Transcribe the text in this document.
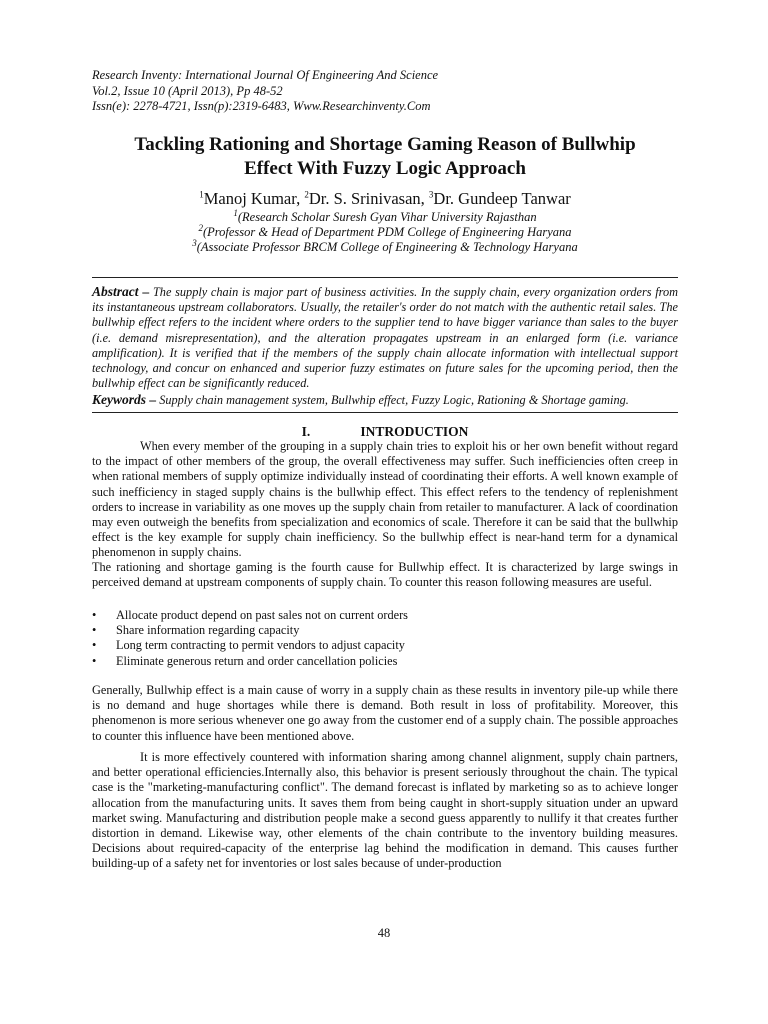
Research Inventy: International Journal Of Engineering And Science
Vol.2, Issue 10 (April 2013), Pp 48-52
Issn(e): 2278-4721, Issn(p):2319-6483, Www.Researchinventy.Com
Tackling Rationing and Shortage Gaming Reason of Bullwhip
Effect With Fuzzy Logic Approach
$^1$Manoj Kumar, $^2$Dr. S. Srinivasan, $^3$Dr. Gundeep Tanwar
$^1$(Research Scholar Suresh Gyan Vihar University Rajasthan
$^2$(Professor & Head of Department PDM College of Engineering Haryana
$^3$(Associate Professor BRCM College of Engineering & Technology Haryana
Abstract – The supply chain is major part of business activities. In the supply chain, every organization orders from its instantaneous upstream collaborators. Usually, the retailer's order do not match with the authentic retail sales. The bullwhip effect refers to the incident where orders to the supplier tend to have bigger variance than sales to the buyer (i.e. demand misrepresentation), and the alteration propagates upstream in an enlarged form (i.e. variance amplification). It is verified that if the members of the supply chain allocate information with intellectual support technology, and concur on enhanced and superior fuzzy estimates on future sales for the upcoming period, then the bullwhip effect can be significantly reduced.
Keywords – Supply chain management system, Bullwhip effect, Fuzzy Logic, Rationing & Shortage gaming.
I.	INTRODUCTION

When every member of the grouping in a supply chain tries to exploit his or her own benefit without regard to the impact of other members of the group, the overall effectiveness may suffer. Such inefficiencies often creep in when rational members of supply optimize individually instead of coordinating their efforts. A well known example of such inefficiency in staged supply chains is the bullwhip effect. This effect refers to the tendency of replenishment orders to increase in variability as one moves up the supply chain from retailer to manufacturer. A lack of coordination may even outweigh the benefits from specialization and economics of scale. Therefore it can be said that the bullwhip effect is the key example for supply chain inefficiency. So the bullwhip effect is near-hand term for a dynamical phenomenon in supply chains.

The rationing and shortage gaming is the fourth cause for Bullwhip effect. It is characterized by large swings in perceived demand at upstream components of supply chain. To counter this reason following measures are useful.

• Allocate product depend on past sales not on current orders
• Share information regarding capacity
• Long term contracting to permit vendors to adjust capacity
• Eliminate generous return and order cancellation policies

Generally, Bullwhip effect is a main cause of worry in a supply chain as these results in inventory pile-up while there is no demand and huge shortages while there is demand. Both result in loss of profitability. Moreover, this phenomenon is more serious whenever one go away from the customer end of a supply chain. The possible approaches to counter this influence have been mentioned above.

It is more effectively countered with information sharing among channel alignment, supply chain partners, and better operational efficiencies.Internally also, this behavior is present seriously throughout the chain. The typical case is the "marketing-manufacturing conflict". The demand forecast is inflated by marketing so as to achieve longer allocation from the manufacturing units. It saves them from being caught in short-supply situation under an upward market swing. Manufacturing and distribution people make a second guess apparently to nullify it that creates further distortion in demand. Likewise way, other elements of the chain contribute to the inventory building measures. Decisions about required-capacity of the enterprise lag behind the modification in demand. This causes further building-up of a safety net for inventories or lost sales because of under-production

48
